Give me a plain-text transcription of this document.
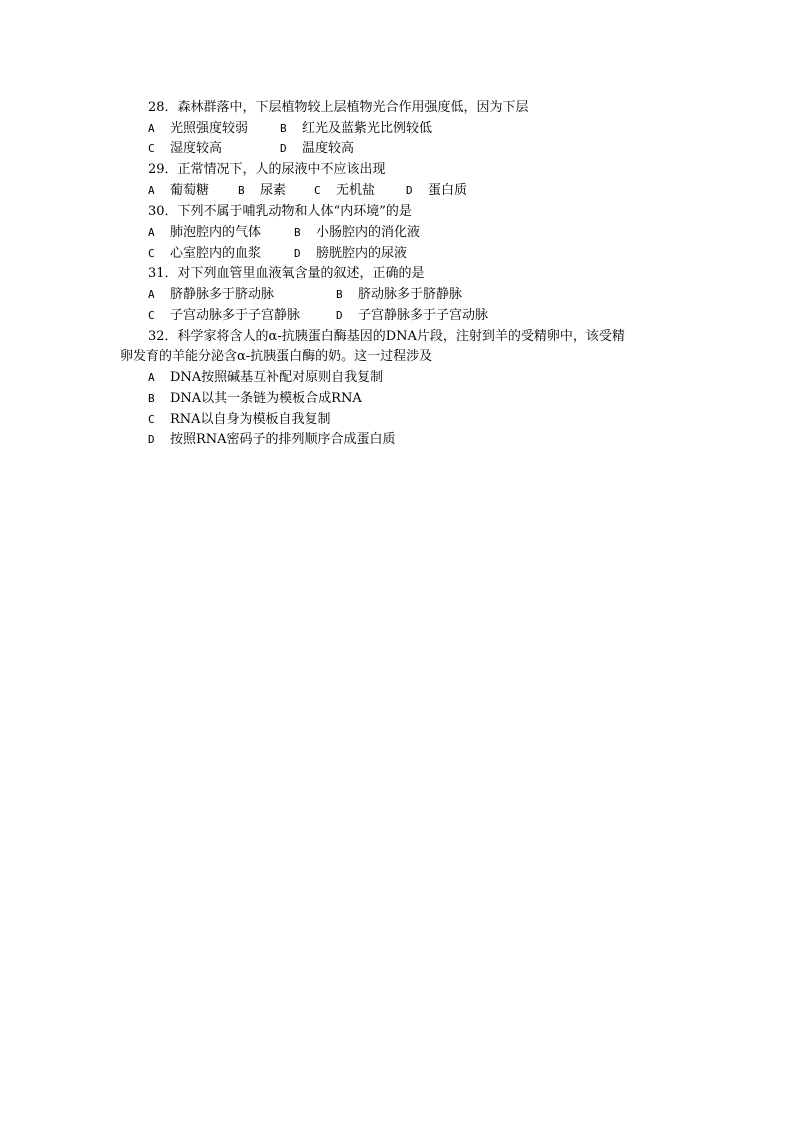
28．森林群落中，下层植物较上层植物光合作用强度低，因为下层
A 光照强度较弱	B 红光及蓝紫光比例较低
C 湿度较高	D 温度较高
29．正常情况下，人的尿液中不应该出现
A 葡萄糖	B 尿素	C 无机盐	D 蛋白质
30．下列不属于哺乳动物和人体“内环境”的是
A 肺泡腔内的气体	B 小肠腔内的消化液
C 心室腔内的血浆	D 膀胱腔内的尿液
31．对下列血管里血液氧含量的叙述，正确的是
A 脐静脉多于脐动脉	B 脐动脉多于脐静脉
C 子宫动脉多于子宫静脉	D 子宫静脉多于子宫动脉
32．科学家将含人的α-抗胰蛋白酶基因的DNA片段，注射到羊的受精卵中，该受精
卵发育的羊能分泌含α-抗胰蛋白酶的奶。这一过程涉及
A DNA按照碱基互补配对原则自我复制
B DNA以其一条链为模板合成RNA
C RNA以自身为模板自我复制
D 按照RNA密码子的排列顺序合成蛋白质
